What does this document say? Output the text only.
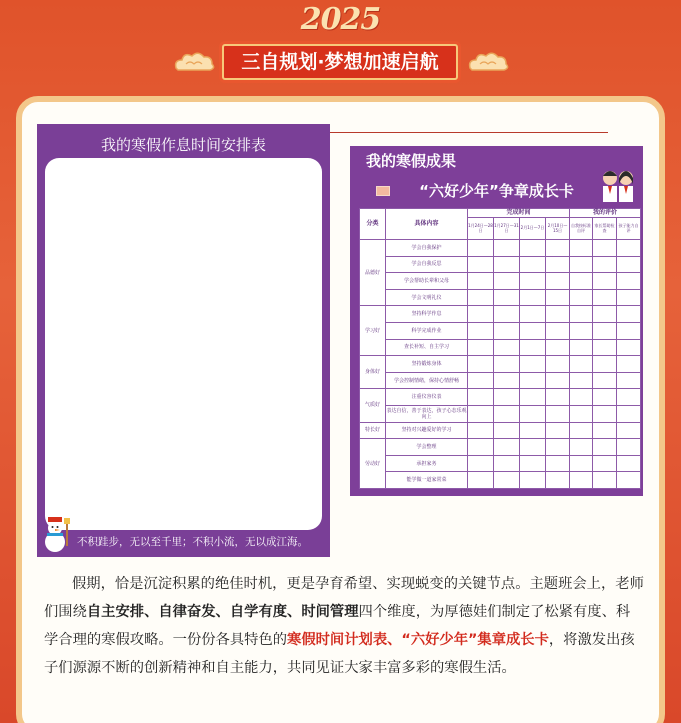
2025
三自规划·梦想加速启航
我的寒假作息时间安排表
不积跬步，无以至千里；不积小流，无以成江海。
我的寒假成果
“六好少年”争章成长卡
分类	具体内容	完成时间				我的评价		
		1月24日—28日	1月27日—31日	2月1日—7日	2月10日—15日	自我按标准自评	家长帮助检查	孩子能力自评
品德好	学会自我保护							
	学会自我反思							
	学会帮助长辈和父母							
	学会文明礼仪							
学习好	坚持科学作息							
	科学完成作业							
	查长补短、自主学习							
身体好	坚持锻炼身体							
	学会控制情绪，保持心情舒畅							
气质好	注重仪容仪表							
	表达自信，善于表达，孩子心态乐观向上							
特长好	坚持对兴趣爱好的学习							
劳动好	学会整理							
	承担家务							
	能学做一道家常菜							
假期，恰是沉淀积累的绝佳时机，更是孕育希望、实现蜕变的关键节点。主题班会上，老师们围绕自主安排、自律奋发、自学有度、时间管理四个维度，为厚德娃们制定了松紧有度、科学合理的寒假攻略。一份份各具特色的寒假时间计划表、“六好少年”集章成长卡，将激发出孩子们源源不断的创新精神和自主能力，共同见证大家丰富多彩的寒假生活。
